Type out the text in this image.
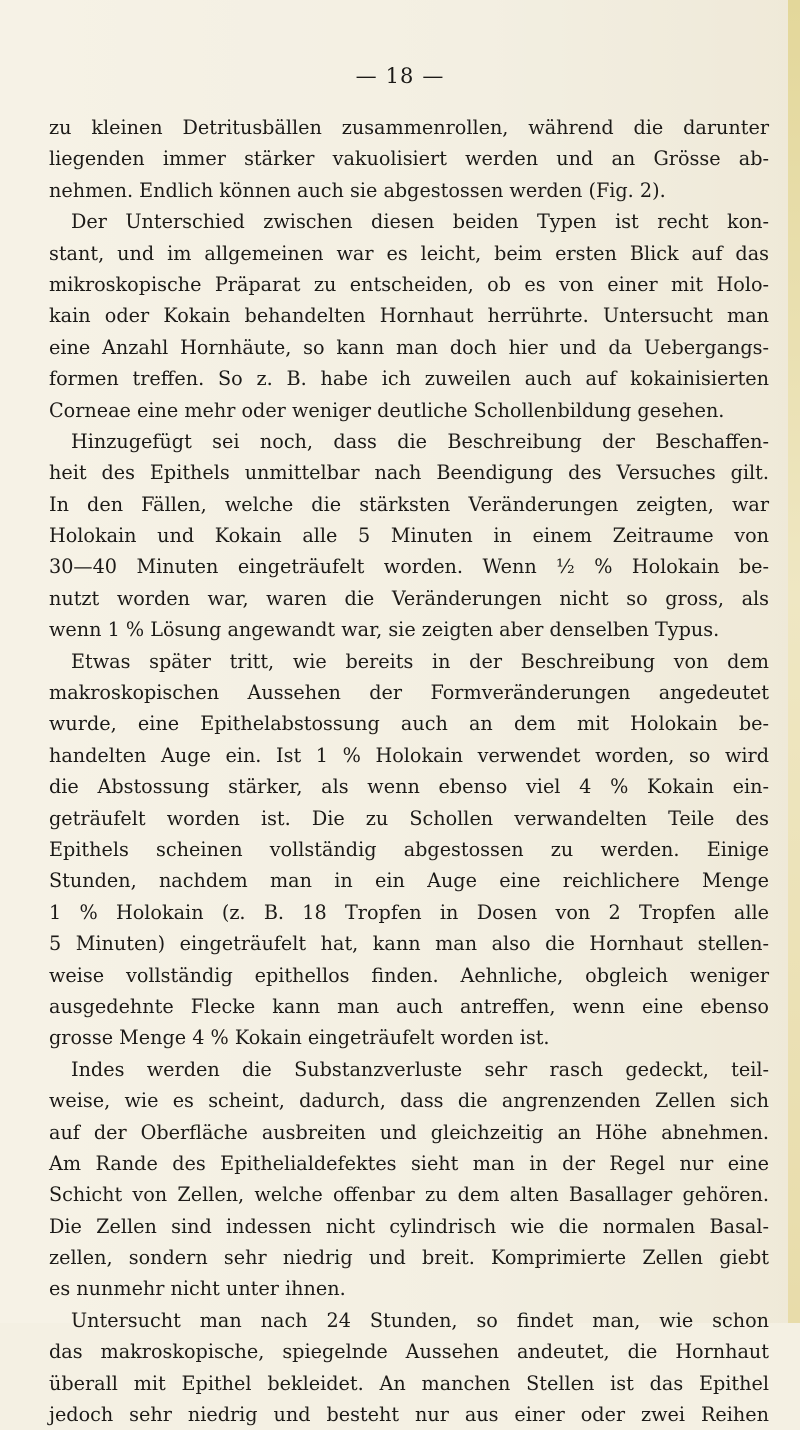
— 18 —
zu kleinen Detritusbällen zusammenrollen, während die darunter
liegenden immer stärker vakuolisiert werden und an Grösse ab-
nehmen. Endlich können auch sie abgestossen werden (Fig. 2).
Der Unterschied zwischen diesen beiden Typen ist recht kon-
stant, und im allgemeinen war es leicht, beim ersten Blick auf das
mikroskopische Präparat zu entscheiden, ob es von einer mit Holo-
kain oder Kokain behandelten Hornhaut herrührte. Untersucht man
eine Anzahl Hornhäute, so kann man doch hier und da Uebergangs-
formen treffen. So z. B. habe ich zuweilen auch auf kokainisierten
Corneae eine mehr oder weniger deutliche Schollenbildung gesehen.
Hinzugefügt sei noch, dass die Beschreibung der Beschaffen-
heit des Epithels unmittelbar nach Beendigung des Versuches gilt.
In den Fällen, welche die stärksten Veränderungen zeigten, war
Holokain und Kokain alle 5 Minuten in einem Zeitraume von
30—40 Minuten eingeträufelt worden. Wenn ½ % Holokain be-
nutzt worden war, waren die Veränderungen nicht so gross, als
wenn 1 % Lösung angewandt war, sie zeigten aber denselben Typus.
Etwas später tritt, wie bereits in der Beschreibung von dem
makroskopischen Aussehen der Formveränderungen angedeutet
wurde, eine Epithelabstossung auch an dem mit Holokain be-
handelten Auge ein. Ist 1 % Holokain verwendet worden, so wird
die Abstossung stärker, als wenn ebenso viel 4 % Kokain ein-
geträufelt worden ist. Die zu Schollen verwandelten Teile des
Epithels scheinen vollständig abgestossen zu werden. Einige
Stunden, nachdem man in ein Auge eine reichlichere Menge
1 % Holokain (z. B. 18 Tropfen in Dosen von 2 Tropfen alle
5 Minuten) eingeträufelt hat, kann man also die Hornhaut stellen-
weise vollständig epithellos finden. Aehnliche, obgleich weniger
ausgedehnte Flecke kann man auch antreffen, wenn eine ebenso
grosse Menge 4 % Kokain eingeträufelt worden ist.
Indes werden die Substanzverluste sehr rasch gedeckt, teil-
weise, wie es scheint, dadurch, dass die angrenzenden Zellen sich
auf der Oberfläche ausbreiten und gleichzeitig an Höhe abnehmen.
Am Rande des Epithelialdefektes sieht man in der Regel nur eine
Schicht von Zellen, welche offenbar zu dem alten Basallager gehören.
Die Zellen sind indessen nicht cylindrisch wie die normalen Basal-
zellen, sondern sehr niedrig und breit. Komprimierte Zellen giebt
es nunmehr nicht unter ihnen.
Untersucht man nach 24 Stunden, so findet man, wie schon
das makroskopische, spiegelnde Aussehen andeutet, die Hornhaut
überall mit Epithel bekleidet. An manchen Stellen ist das Epithel
jedoch sehr niedrig und besteht nur aus einer oder zwei Reihen
